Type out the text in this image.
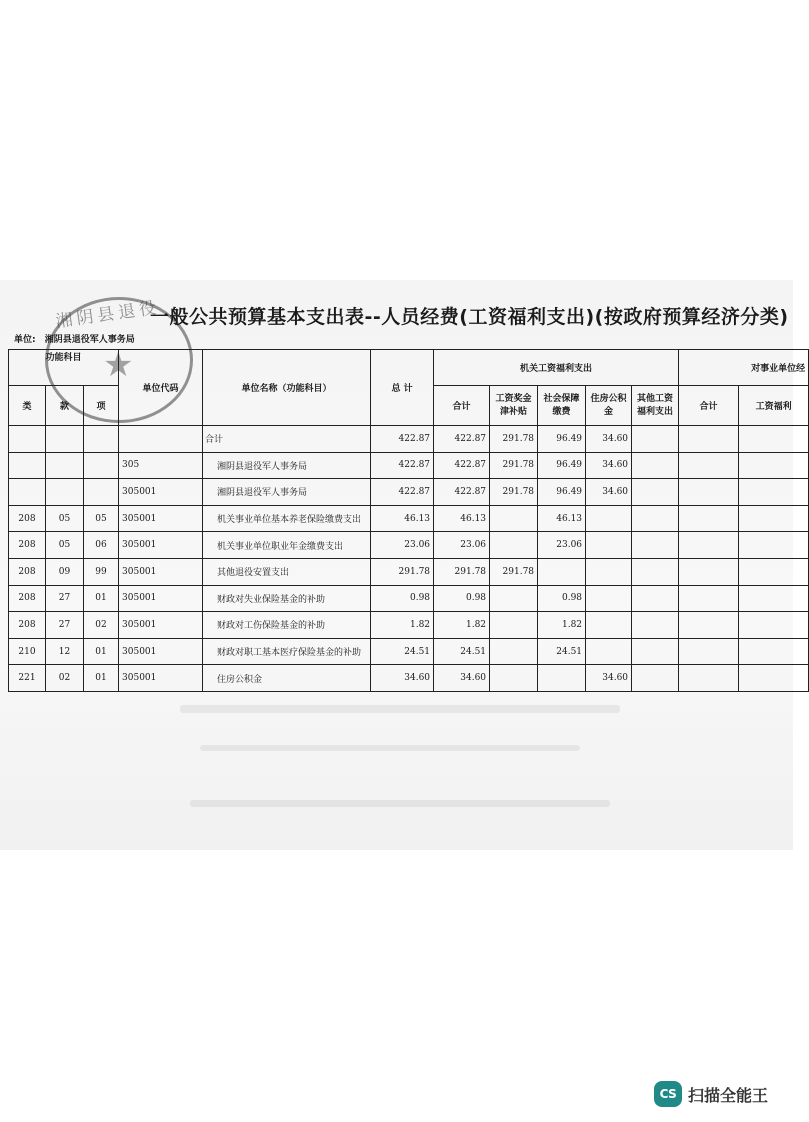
湘阴县退役
★
一般公共预算基本支出表--人员经费(工资福利支出)(按政府预算经济分类)
单位: 湘阴县退役军人事务局
功能科目			单位代码	单位名称（功能科目）	总 计	机关工资福利支出					对事业单位经	
类	款	项				合计	工资奖金津补贴	社会保障缴费	住房公积金	其他工资福利支出	合计	工资福利
				合计	422.87	422.87	291.78	96.49	34.60			
			305	湘阴县退役军人事务局	422.87	422.87	291.78	96.49	34.60			
			305001	湘阴县退役军人事务局	422.87	422.87	291.78	96.49	34.60			
208	05	05	305001	机关事业单位基本养老保险缴费支出	46.13	46.13		46.13				
208	05	06	305001	机关事业单位职业年金缴费支出	23.06	23.06		23.06				
208	09	99	305001	其他退役安置支出	291.78	291.78	291.78					
208	27	01	305001	财政对失业保险基金的补助	0.98	0.98		0.98				
208	27	02	305001	财政对工伤保险基金的补助	1.82	1.82		1.82				
210	12	01	305001	财政对职工基本医疗保险基金的补助	24.51	24.51		24.51				
221	02	01	305001	住房公积金	34.60	34.60			34.60			
CS 扫描全能王
